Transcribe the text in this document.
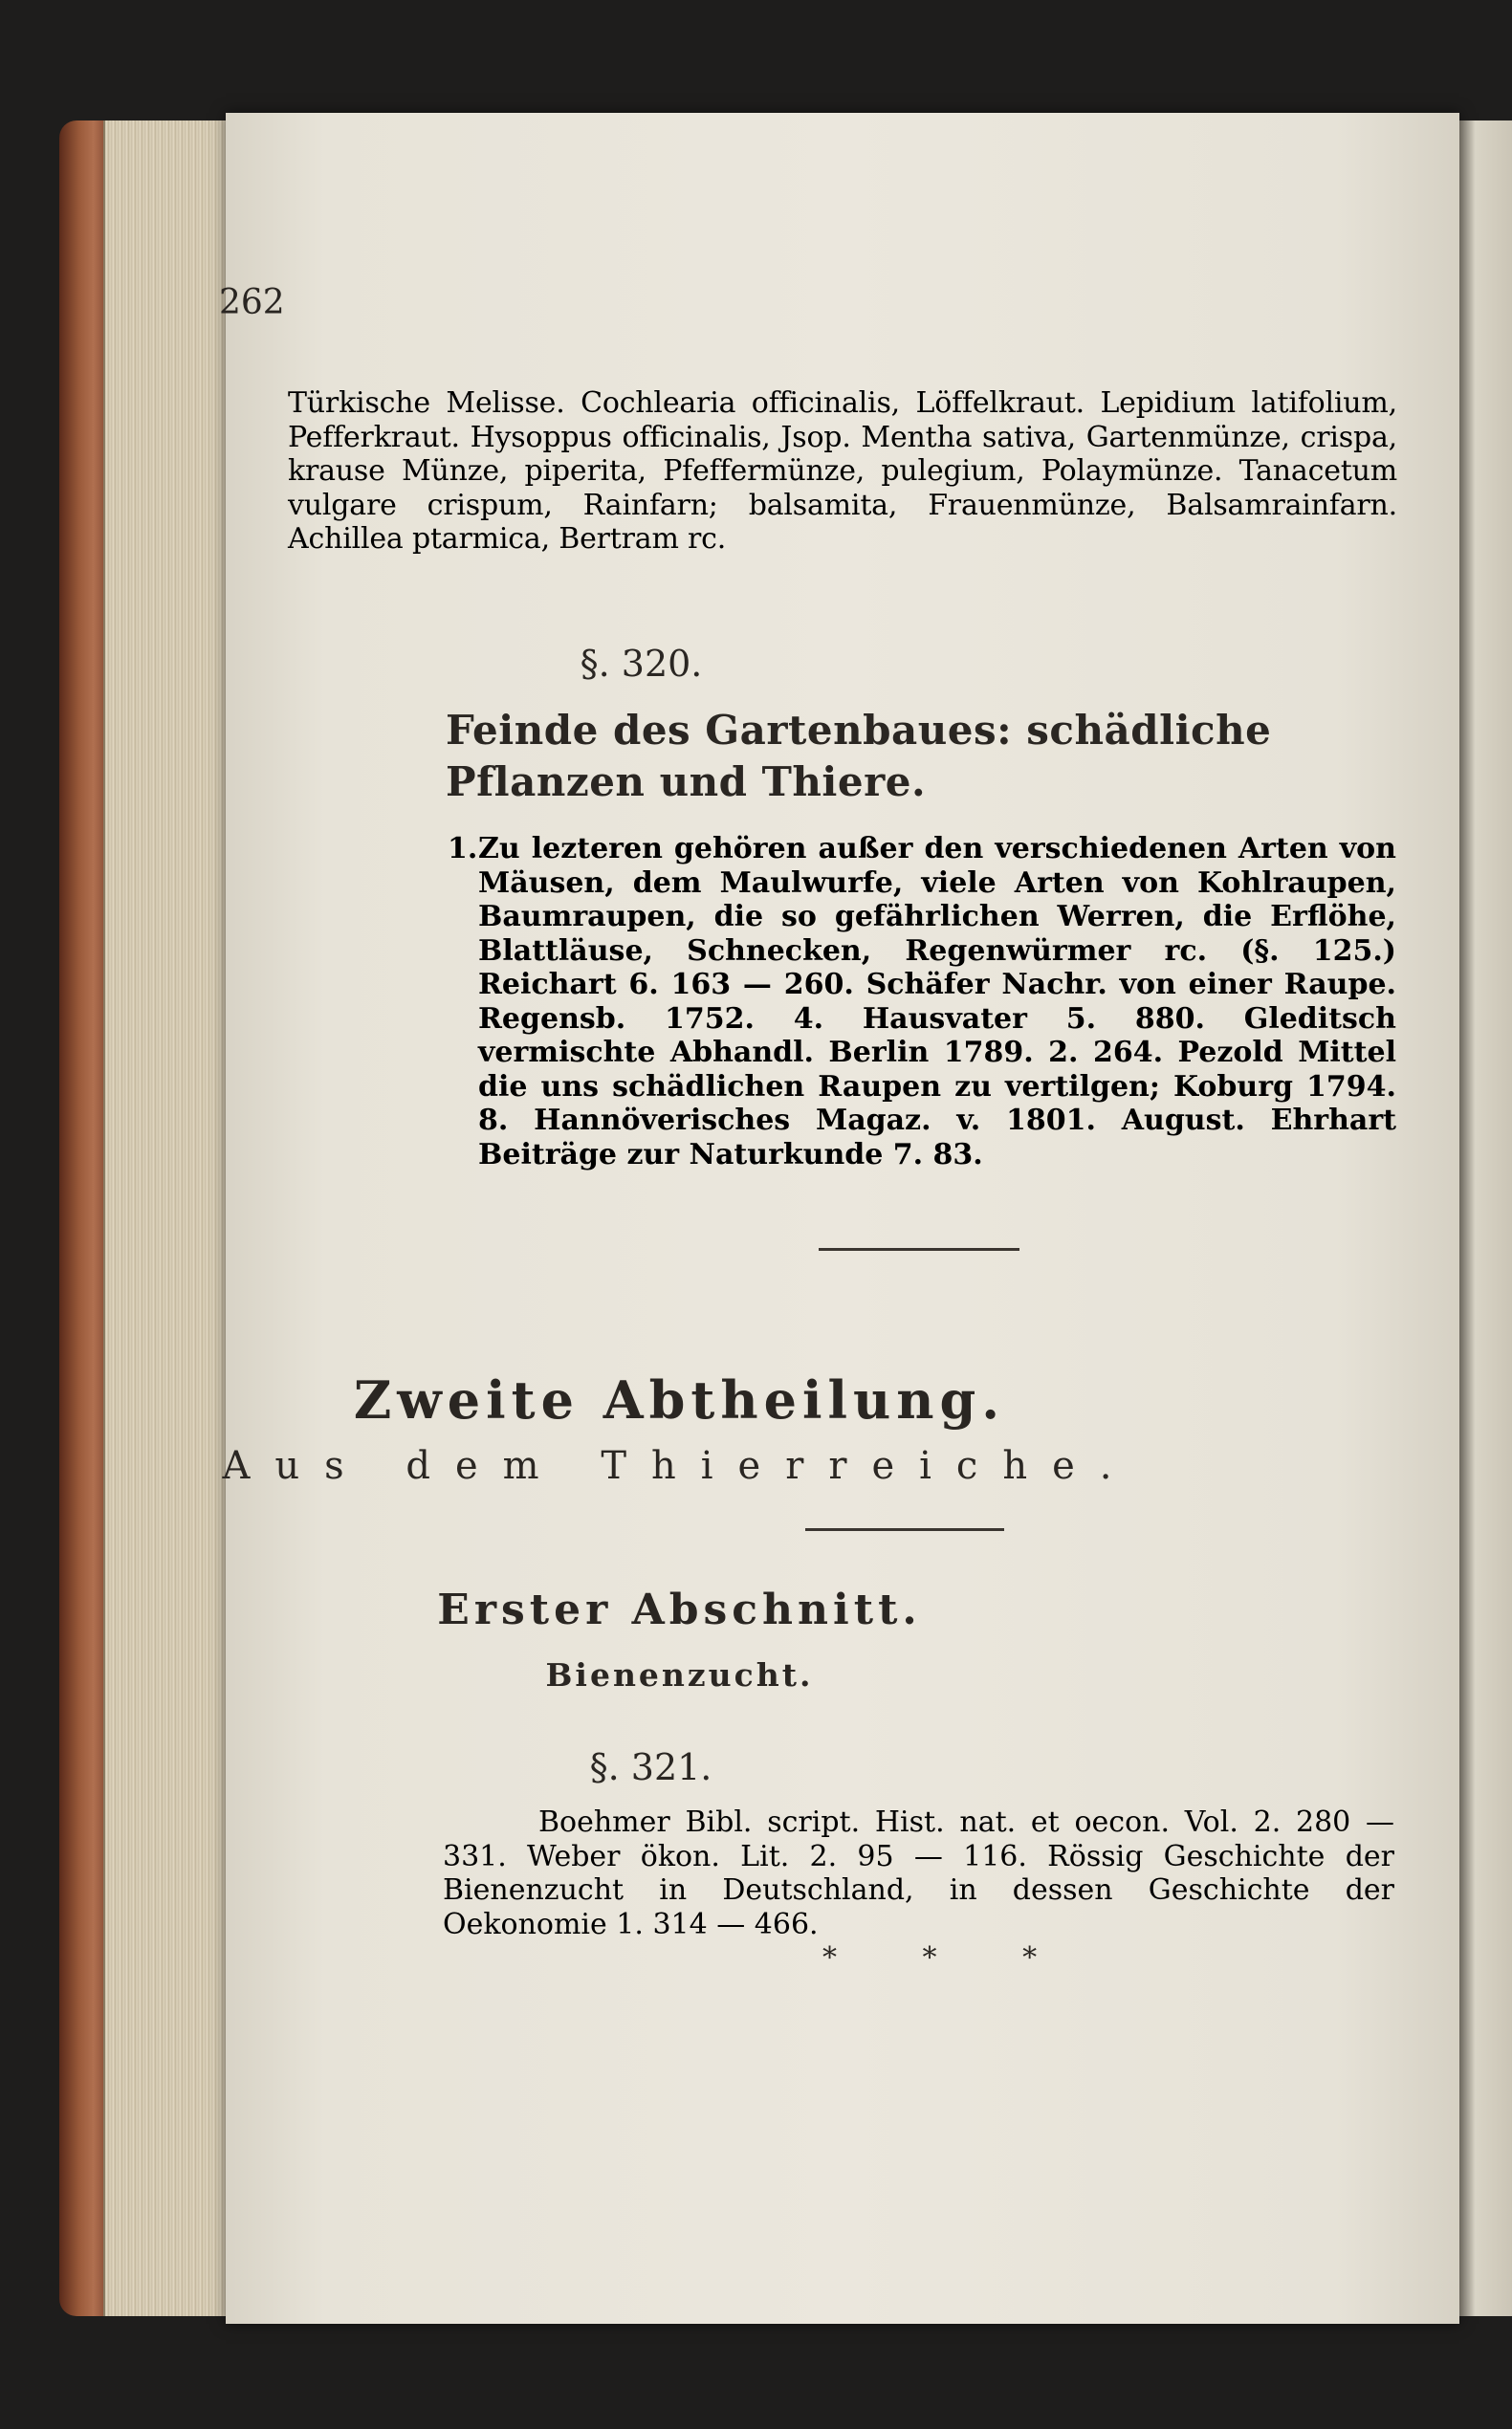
262

Türkische Melisse. Cochlearia officinalis, Löffelkraut. Lepidium latifolium, Pefferkraut. Hysoppus officinalis, Jsop. Mentha sativa, Gartenmünze, crispa, krause Münze, piperita, Pfeffermünze, pulegium, Polaymünze. Tanacetum vulgare crispum, Rainfarn; balsamita, Frauenmünze, Balsamrainfarn. Achillea ptarmica, Bertram rc.

§. 320.
Feinde des Gartenbaues: schädliche Pflanzen und Thiere.
1. Zu lezteren gehören außer den verschiedenen Arten von Mäusen, dem Maulwurfe, viele Arten von Kohlraupen, Baumraupen, die so gefährlichen Werren, die Erflöhe, Blattläuse, Schnecken, Regenwürmer rc. (§. 125.) Reichart 6. 163 — 260. Schäfer Nachr. von einer Raupe. Regensb. 1752. 4. Hausvater 5. 880. Gleditsch vermischte Abhandl. Berlin 1789. 2. 264. Pezold Mittel die uns schädlichen Raupen zu vertilgen; Koburg 1794. 8. Hannöverisches Magaz. v. 1801. August. Ehrhart Beiträge zur Naturkunde 7. 83.

Zweite Abtheilung.
Aus dem Thierreiche.
Erster Abschnitt.
Bienenzucht.
§. 321.

Boehmer Bibl. script. Hist. nat. et oecon. Vol. 2. 280 — 331. Weber ökon. Lit. 2. 95 — 116. Rössig Geschichte der Bienenzucht in Deutschland, in dessen Geschichte der Oekonomie 1. 314 — 466.

* * *
